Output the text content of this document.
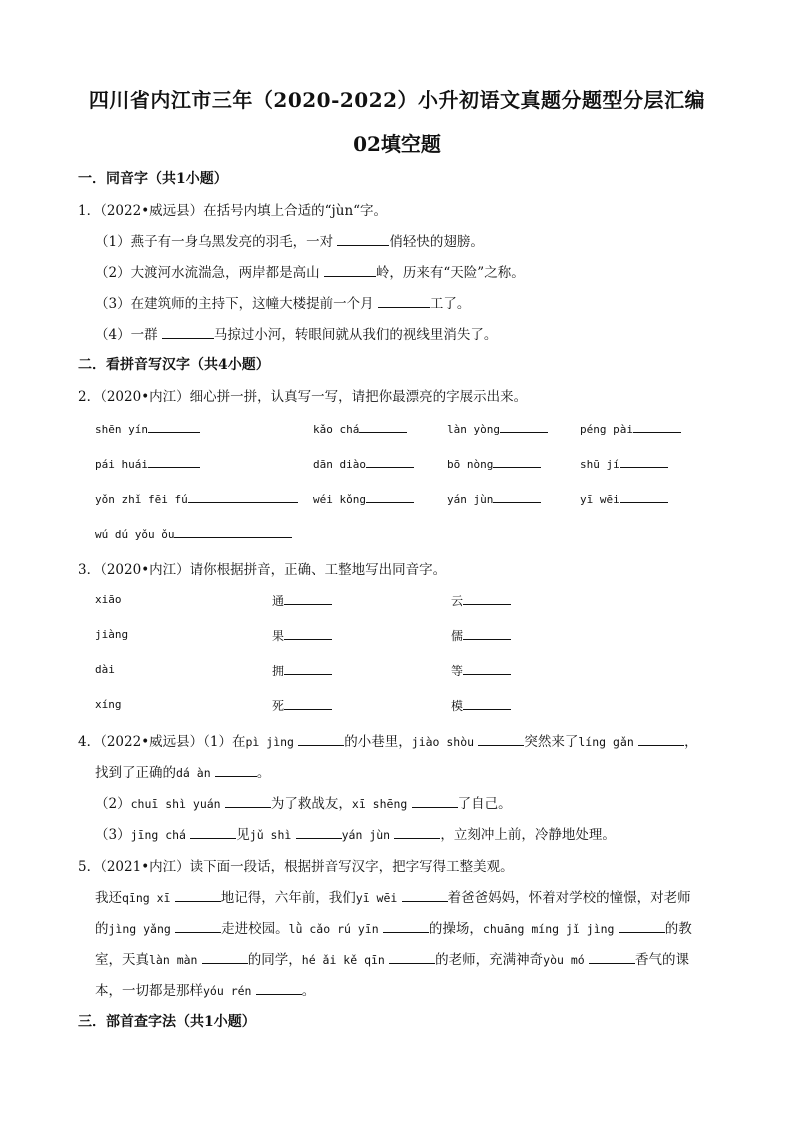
四川省内江市三年（2020-2022）小升初语文真题分题型分层汇编
02填空题
一．同音字（共1小题）
1．（2022•威远县）在括号内填上合适的“jùn“字。
（1）燕子有一身乌黑发亮的羽毛，一对	俏轻快的翅膀。
（2）大渡河水流湍急，两岸都是高山	岭，历来有“天险”之称。
（3）在建筑师的主持下，这幢大楼提前一个月	工了。
（4）一群	马掠过小河，转眼间就从我们的视线里消失了。
二．看拼音写汉字（共4小题）
2．（2020•内江）细心拼一拼，认真写一写，请把你最漂亮的字展示出来。
shēn yín	kǎo chá	làn yòng	péng pài
pái huái	dān diào	bō nòng	shū jí
yǒn zhǐ fēi fú	wéi kǒng	yán jùn	yī wēi
wú dú yǒu ǒu
3．（2020•内江）请你根据拼音，正确、工整地写出同音字。
xiāo	通	云
jiàng	果	儒
dài	拥	等
xíng	死	模
4．（2022•威远县）（1）在pì jìng	的小巷里，jiào shòu	突然来了líng gǎn	，
找到了正确的dá àn	。
（2）chuī shì yuán	为了救战友，xī shēng	了自己。
（3）jīng chá	见jǔ shì	yán jùn	，立刻冲上前，冷静地处理。
5．（2021•内江）读下面一段话，根据拼音写汉字，把字写得工整美观。
我还qīng xī	地记得，六年前，我们yī wēi	着爸爸妈妈，怀着对学校的憧憬，对老师
的jìng yǎng	走进校园。lǜ cǎo rú yīn	的操场，chuāng míng jǐ jìng	的教
室，天真làn màn	的同学，hé ǎi kě qīn	的老师，充满神奇yòu mó	香气的课
本，一切都是那样yóu rén	。
三．部首查字法（共1小题）
